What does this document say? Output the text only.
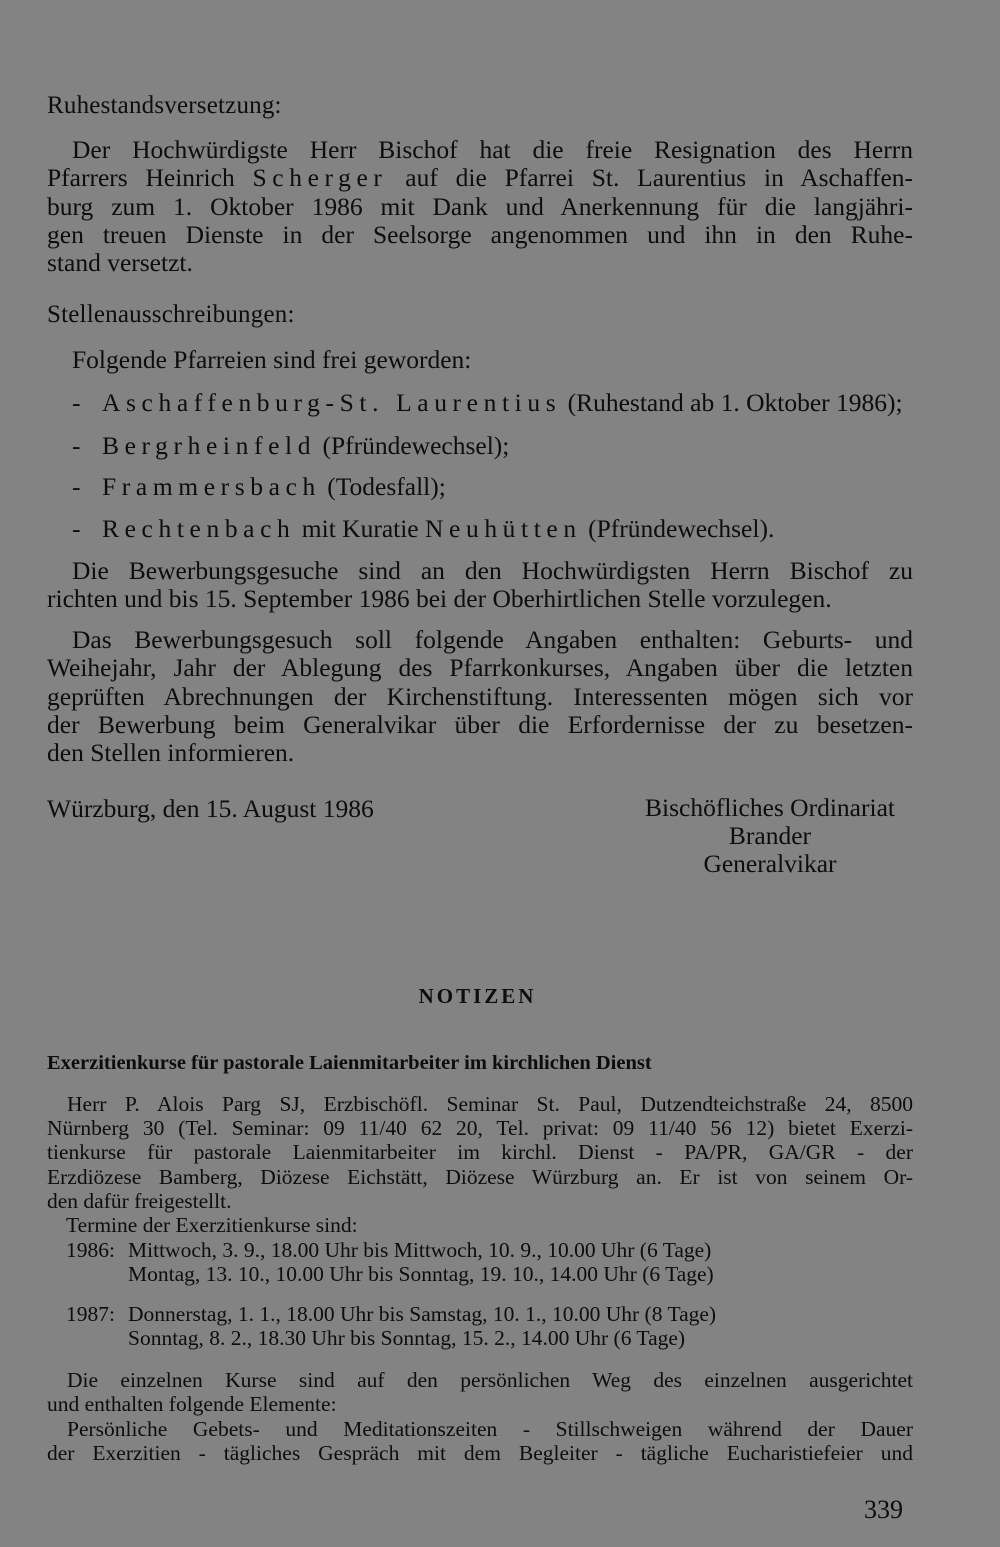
Ruhestandsversetzung:
Der Hochwürdigste Herr Bischof hat die freie Resignation des Herrn
Pfarrers Heinrich Scherger auf die Pfarrei St. Laurentius in Aschaffen-
burg zum 1. Oktober 1986 mit Dank und Anerkennung für die langjähri-
gen treuen Dienste in der Seelsorge angenommen und ihn in den Ruhe-
stand versetzt.
Stellenausschreibungen:
Folgende Pfarreien sind frei geworden:
- Aschaffenburg-St. Laurentius (Ruhestand ab 1. Oktober 1986);
- Bergrheinfeld (Pfründewechsel);
- Frammersbach (Todesfall);
- Rechtenbach mit Kuratie Neuhütten (Pfründewechsel).
Die Bewerbungsgesuche sind an den Hochwürdigsten Herrn Bischof zu
richten und bis 15. September 1986 bei der Oberhirtlichen Stelle vorzulegen.
Das Bewerbungsgesuch soll folgende Angaben enthalten: Geburts- und
Weihejahr, Jahr der Ablegung des Pfarrkonkurses, Angaben über die letzten
geprüften Abrechnungen der Kirchenstiftung. Interessenten mögen sich vor
der Bewerbung beim Generalvikar über die Erfordernisse der zu besetzen-
den Stellen informieren.
Würzburg, den 15. August 1986	Bischöfliches Ordinariat
Brander
Generalvikar
NOTIZEN
Exerzitienkurse für pastorale Laienmitarbeiter im kirchlichen Dienst
Herr P. Alois Parg SJ, Erzbischöfl. Seminar St. Paul, Dutzendteichstraße 24, 8500
Nürnberg 30 (Tel. Seminar: 09 11/40 62 20, Tel. privat: 09 11/40 56 12) bietet Exerzi-
tienkurse für pastorale Laienmitarbeiter im kirchl. Dienst - PA/PR, GA/GR - der
Erzdiözese Bamberg, Diözese Eichstätt, Diözese Würzburg an. Er ist von seinem Or-
den dafür freigestellt.
Termine der Exerzitienkurse sind:
1986: Mittwoch, 3. 9., 18.00 Uhr bis Mittwoch, 10. 9., 10.00 Uhr (6 Tage)
Montag, 13. 10., 10.00 Uhr bis Sonntag, 19. 10., 14.00 Uhr (6 Tage)
1987: Donnerstag, 1. 1., 18.00 Uhr bis Samstag, 10. 1., 10.00 Uhr (8 Tage)
Sonntag, 8. 2., 18.30 Uhr bis Sonntag, 15. 2., 14.00 Uhr (6 Tage)
Die einzelnen Kurse sind auf den persönlichen Weg des einzelnen ausgerichtet
und enthalten folgende Elemente:
Persönliche Gebets- und Meditationszeiten - Stillschweigen während der Dauer
der Exerzitien - tägliches Gespräch mit dem Begleiter - tägliche Eucharistiefeier und
339
